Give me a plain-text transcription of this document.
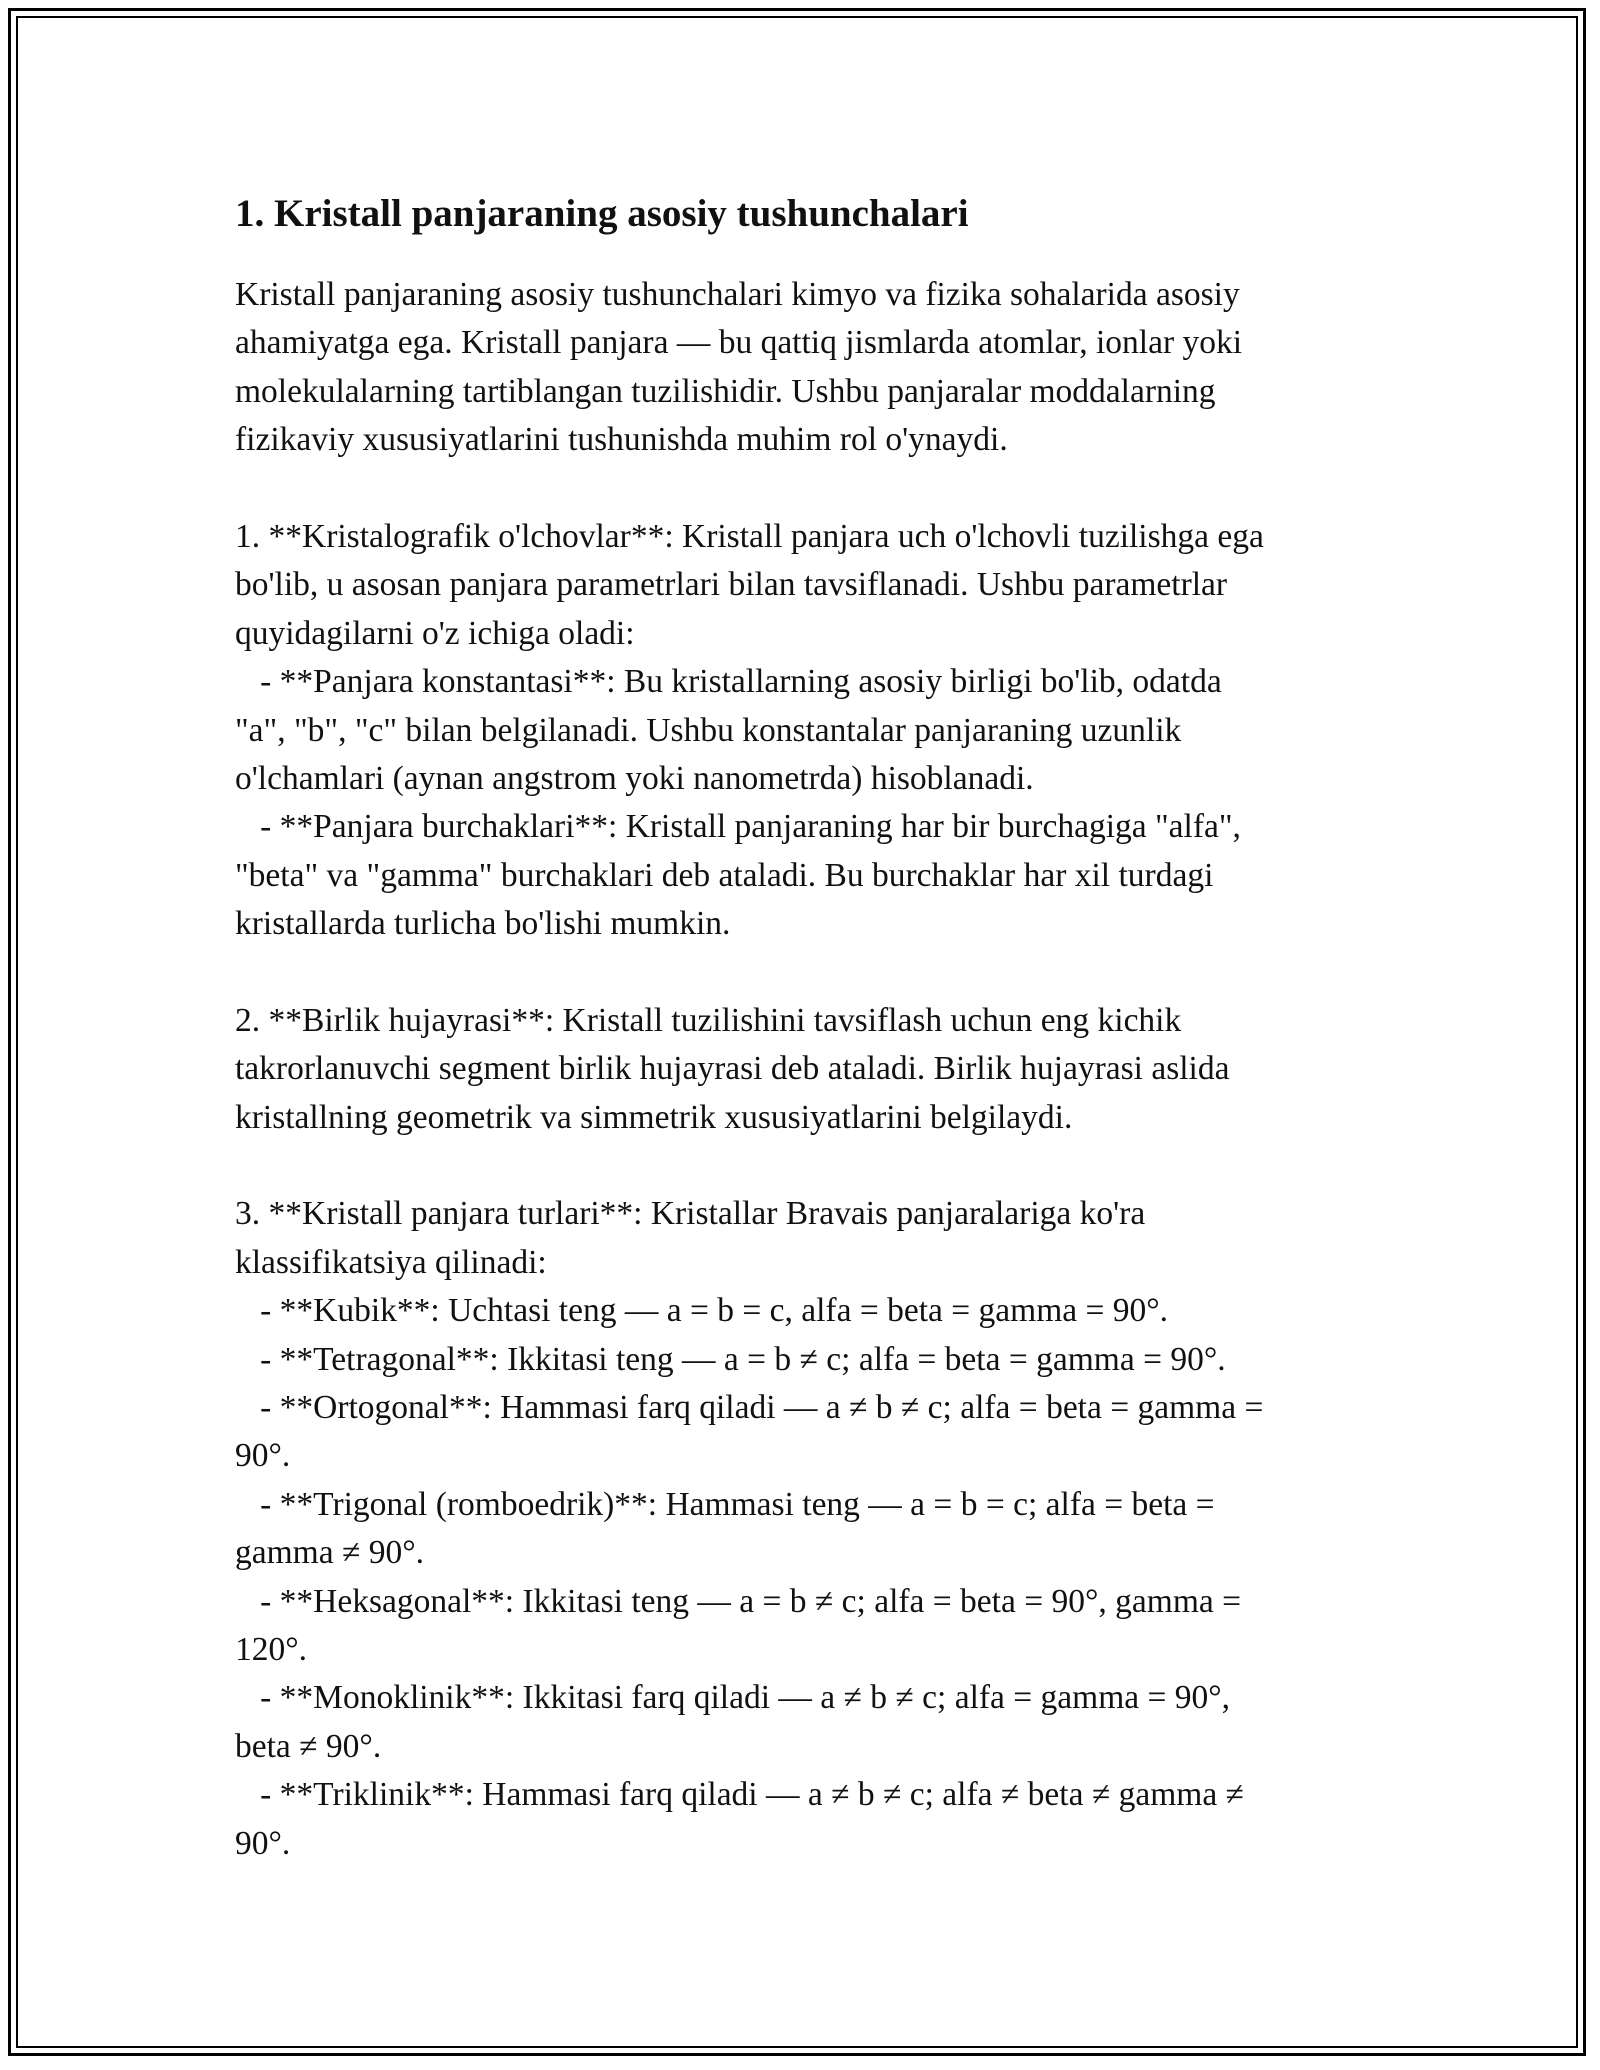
1. Kristall panjaraning asosiy tushunchalari
Kristall panjaraning asosiy tushunchalari kimyo va fizika sohalarida asosiy
ahamiyatga ega. Kristall panjara — bu qattiq jismlarda atomlar, ionlar yoki
molekulalarning tartiblangan tuzilishidir. Ushbu panjaralar moddalarning
fizikaviy xususiyatlarini tushunishda muhim rol o'ynaydi.
1. **Kristalografik o'lchovlar**: Kristall panjara uch o'lchovli tuzilishga ega
bo'lib, u asosan panjara parametrlari bilan tavsiflanadi. Ushbu parametrlar
quyidagilarni o'z ichiga oladi:
- **Panjara konstantasi**: Bu kristallarning asosiy birligi bo'lib, odatda
"a", "b", "c" bilan belgilanadi. Ushbu konstantalar panjaraning uzunlik
o'lchamlari (aynan angstrom yoki nanometrda) hisoblanadi.
- **Panjara burchaklari**: Kristall panjaraning har bir burchagiga "alfa",
"beta" va "gamma" burchaklari deb ataladi. Bu burchaklar har xil turdagi
kristallarda turlicha bo'lishi mumkin.
2. **Birlik hujayrasi**: Kristall tuzilishini tavsiflash uchun eng kichik
takrorlanuvchi segment birlik hujayrasi deb ataladi. Birlik hujayrasi aslida
kristallning geometrik va simmetrik xususiyatlarini belgilaydi.
3. **Kristall panjara turlari**: Kristallar Bravais panjaralariga ko'ra
klassifikatsiya qilinadi:
- **Kubik**: Uchtasi teng — a = b = c, alfa = beta = gamma = 90°.
- **Tetragonal**: Ikkitasi teng — a = b ≠ c; alfa = beta = gamma = 90°.
- **Ortogonal**: Hammasi farq qiladi — a ≠ b ≠ c; alfa = beta = gamma =
90°.
- **Trigonal (romboedrik)**: Hammasi teng — a = b = c; alfa = beta =
gamma ≠ 90°.
- **Heksagonal**: Ikkitasi teng — a = b ≠ c; alfa = beta = 90°, gamma =
120°.
- **Monoklinik**: Ikkitasi farq qiladi — a ≠ b ≠ c; alfa = gamma = 90°,
beta ≠ 90°.
- **Triklinik**: Hammasi farq qiladi — a ≠ b ≠ c; alfa ≠ beta ≠ gamma ≠
90°.
